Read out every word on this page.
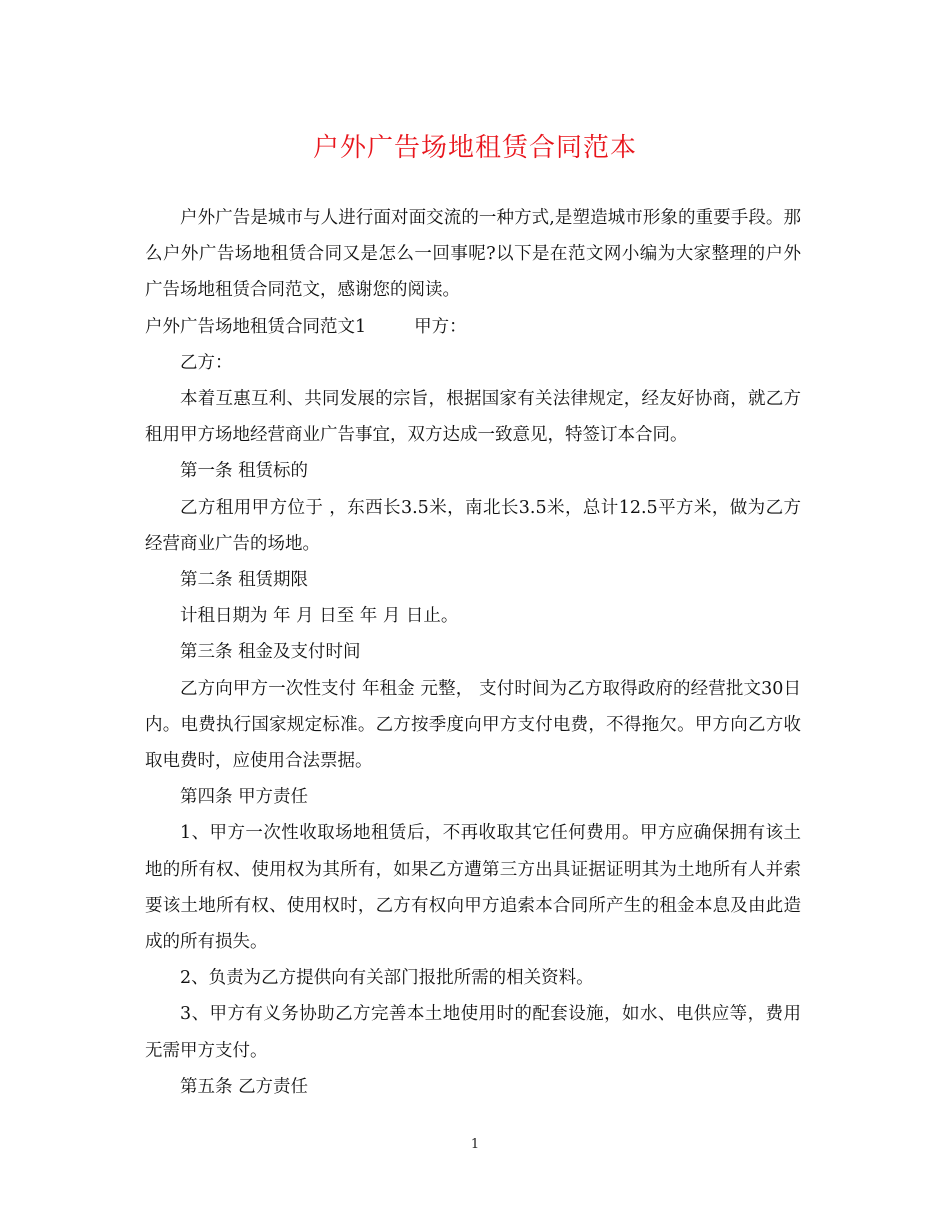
户外广告场地租赁合同范本

户外广告是城市与人进行面对面交流的一种方式,是塑造城市形象的重要手段。那么户外广告场地租赁合同又是怎么一回事呢?以下是在范文网小编为大家整理的户外广告场地租赁合同范文，感谢您的阅读。

户外广告场地租赁合同范文1	甲方：

乙方：

本着互惠互利、共同发展的宗旨，根据国家有关法律规定，经友好协商，就乙方租用甲方场地经营商业广告事宜，双方达成一致意见，特签订本合同。

第一条 租赁标的

乙方租用甲方位于 ，东西长3.5米，南北长3.5米，总计12.5平方米，做为乙方经营商业广告的场地。

第二条 租赁期限

计租日期为 年 月 日至 年 月 日止。

第三条 租金及支付时间

乙方向甲方一次性支付 年租金 元整， 支付时间为乙方取得政府的经营批文30日内。电费执行国家规定标准。乙方按季度向甲方支付电费，不得拖欠。甲方向乙方收取电费时，应使用合法票据。

第四条 甲方责任

1、甲方一次性收取场地租赁后，不再收取其它任何费用。甲方应确保拥有该土地的所有权、使用权为其所有，如果乙方遭第三方出具证据证明其为土地所有人并索要该土地所有权、使用权时，乙方有权向甲方追索本合同所产生的租金本息及由此造成的所有损失。

2、负责为乙方提供向有关部门报批所需的相关资料。

3、甲方有义务协助乙方完善本土地使用时的配套设施，如水、电供应等，费用无需甲方支付。

第五条 乙方责任

1
